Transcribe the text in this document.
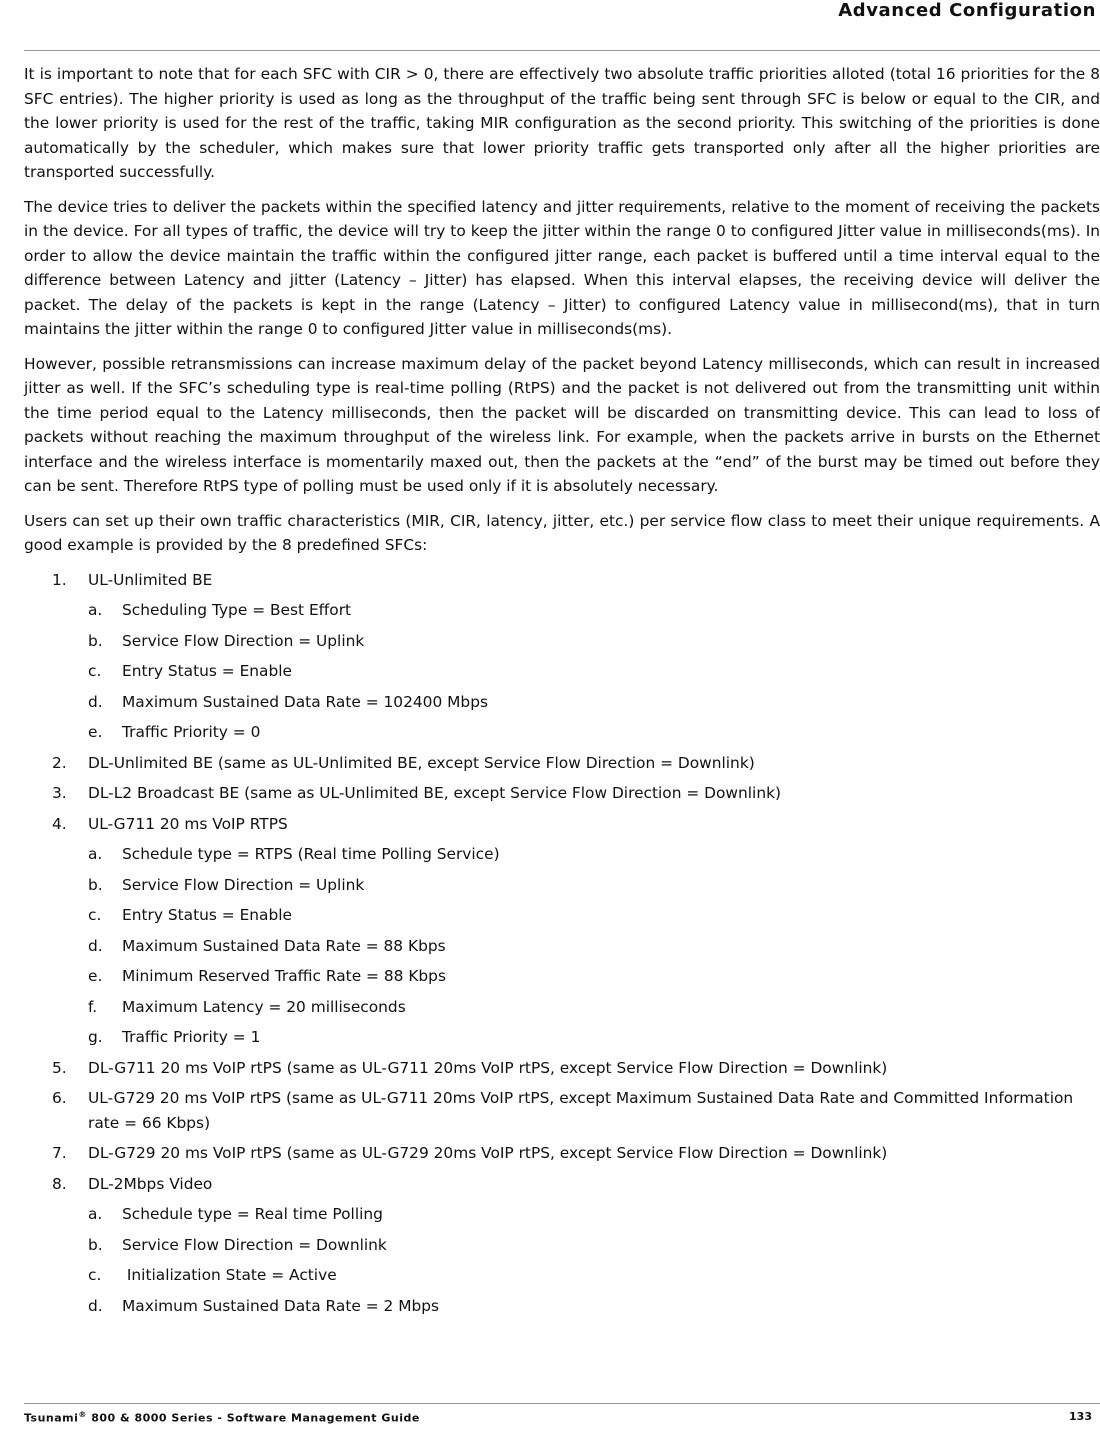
Advanced Configuration

It is important to note that for each SFC with CIR > 0, there are effectively two absolute traffic priorities alloted (total 16 priorities for the 8 SFC entries). The higher priority is used as long as the throughput of the traffic being sent through SFC is below or equal to the CIR, and the lower priority is used for the rest of the traffic, taking MIR configuration as the second priority. This switching of the priorities is done automatically by the scheduler, which makes sure that lower priority traffic gets transported only after all the higher priorities are transported successfully.

The device tries to deliver the packets within the specified latency and jitter requirements, relative to the moment of receiving the packets in the device. For all types of traffic, the device will try to keep the jitter within the range 0 to configured Jitter value in milliseconds(ms). In order to allow the device maintain the traffic within the configured jitter range, each packet is buffered until a time interval equal to the difference between Latency and jitter (Latency – Jitter) has elapsed. When this interval elapses, the receiving device will deliver the packet. The delay of the packets is kept in the range (Latency – Jitter) to configured Latency value in millisecond(ms), that in turn maintains the jitter within the range 0 to configured Jitter value in milliseconds(ms).

However, possible retransmissions can increase maximum delay of the packet beyond Latency milliseconds, which can result in increased jitter as well. If the SFC’s scheduling type is real-time polling (RtPS) and the packet is not delivered out from the transmitting unit within the time period equal to the Latency milliseconds, then the packet will be discarded on transmitting device. This can lead to loss of packets without reaching the maximum throughput of the wireless link. For example, when the packets arrive in bursts on the Ethernet interface and the wireless interface is momentarily maxed out, then the packets at the “end” of the burst may be timed out before they can be sent. Therefore RtPS type of polling must be used only if it is absolutely necessary.

Users can set up their own traffic characteristics (MIR, CIR, latency, jitter, etc.) per service flow class to meet their unique requirements. A good example is provided by the 8 predefined SFCs:

1. UL-Unlimited BE
a. Scheduling Type = Best Effort
b. Service Flow Direction = Uplink
c. Entry Status = Enable
d. Maximum Sustained Data Rate = 102400 Mbps
e. Traffic Priority = 0
2. DL-Unlimited BE (same as UL-Unlimited BE, except Service Flow Direction = Downlink)
3. DL-L2 Broadcast BE (same as UL-Unlimited BE, except Service Flow Direction = Downlink)
4. UL-G711 20 ms VoIP RTPS
a. Schedule type = RTPS (Real time Polling Service)
b. Service Flow Direction = Uplink
c. Entry Status = Enable
d. Maximum Sustained Data Rate = 88 Kbps
e. Minimum Reserved Traffic Rate = 88 Kbps
f. Maximum Latency = 20 milliseconds
g. Traffic Priority = 1
5. DL-G711 20 ms VoIP rtPS (same as UL-G711 20ms VoIP rtPS, except Service Flow Direction = Downlink)
6. UL-G729 20 ms VoIP rtPS (same as UL-G711 20ms VoIP rtPS, except Maximum Sustained Data Rate and Committed Information rate = 66 Kbps)
7. DL-G729 20 ms VoIP rtPS (same as UL-G729 20ms VoIP rtPS, except Service Flow Direction = Downlink)
8. DL-2Mbps Video
a. Schedule type = Real time Polling
b. Service Flow Direction = Downlink
c. Initialization State = Active
d. Maximum Sustained Data Rate = 2 Mbps
Tsunami® 800 & 8000 Series - Software Management Guide	133
